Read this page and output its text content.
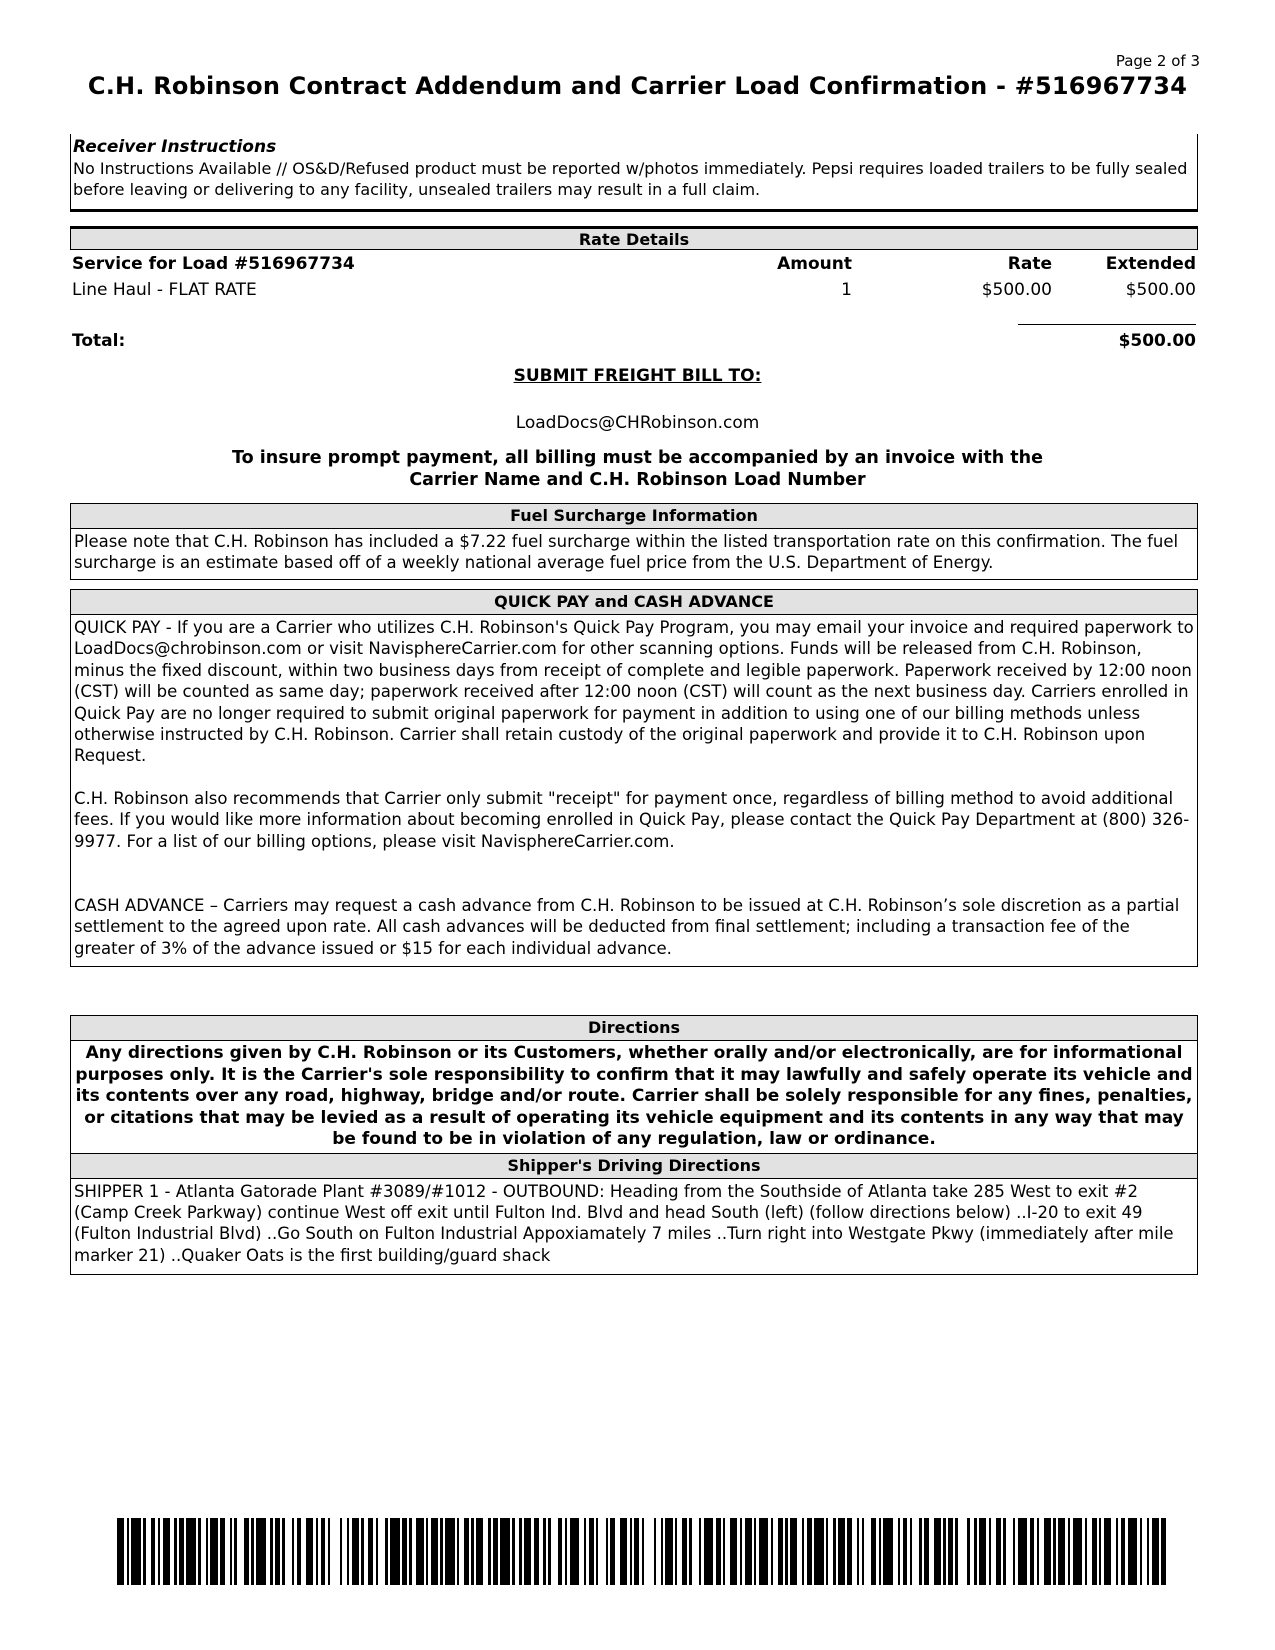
Page 2 of 3
C.H. Robinson Contract Addendum and Carrier Load Confirmation - #516967734
Receiver Instructions
No Instructions Available // OS&D/Refused product must be reported w/photos immediately. Pepsi requires loaded trailers to be fully sealed before leaving or delivering to any facility, unsealed trailers may result in a full claim.
Rate Details
Service for Load #516967734	Amount	Rate	Extended
Line Haul - FLAT RATE	1	$500.00	$500.00
Total:	$500.00
SUBMIT FREIGHT BILL TO:
LoadDocs@CHRobinson.com
To insure prompt payment, all billing must be accompanied by an invoice with the
Carrier Name and C.H. Robinson Load Number
Fuel Surcharge Information
Please note that C.H. Robinson has included a $7.22 fuel surcharge within the listed transportation rate on this confirmation. The fuel surcharge is an estimate based off of a weekly national average fuel price from the U.S. Department of Energy.
QUICK PAY and CASH ADVANCE

QUICK PAY - If you are a Carrier who utilizes C.H. Robinson's Quick Pay Program, you may email your invoice and required paperwork to LoadDocs@chrobinson.com or visit NavisphereCarrier.com for other scanning options. Funds will be released from C.H. Robinson, minus the fixed discount, within two business days from receipt of complete and legible paperwork. Paperwork received by 12:00 noon (CST) will be counted as same day; paperwork received after 12:00 noon (CST) will count as the next business day. Carriers enrolled in Quick Pay are no longer required to submit original paperwork for payment in addition to using one of our billing methods unless otherwise instructed by C.H. Robinson. Carrier shall retain custody of the original paperwork and provide it to C.H. Robinson upon Request.

C.H. Robinson also recommends that Carrier only submit "receipt" for payment once, regardless of billing method to avoid additional fees. If you would like more information about becoming enrolled in Quick Pay, please contact the Quick Pay Department at (800) 326-9977. For a list of our billing options, please visit NavisphereCarrier.com.

CASH ADVANCE – Carriers may request a cash advance from C.H. Robinson to be issued at C.H. Robinson’s sole discretion as a partial settlement to the agreed upon rate. All cash advances will be deducted from final settlement; including a transaction fee of the greater of 3% of the advance issued or $15 for each individual advance.

Directions
Any directions given by C.H. Robinson or its Customers, whether orally and/or electronically, are for informational purposes only. It is the Carrier's sole responsibility to confirm that it may lawfully and safely operate its vehicle and its contents over any road, highway, bridge and/or route. Carrier shall be solely responsible for any fines, penalties, or citations that may be levied as a result of operating its vehicle equipment and its contents in any way that may be found to be in violation of any regulation, law or ordinance.
Shipper's Driving Directions
SHIPPER 1 - Atlanta Gatorade Plant #3089/#1012 - OUTBOUND: Heading from the Southside of Atlanta take 285 West to exit #2 (Camp Creek Parkway) continue West off exit until Fulton Ind. Blvd and head South (left) (follow directions below) ..I-20 to exit 49 (Fulton Industrial Blvd) ..Go South on Fulton Industrial Appoxiamately 7 miles ..Turn right into Westgate Pkwy (immediately after mile marker 21) ..Quaker Oats is the first building/guard shack
